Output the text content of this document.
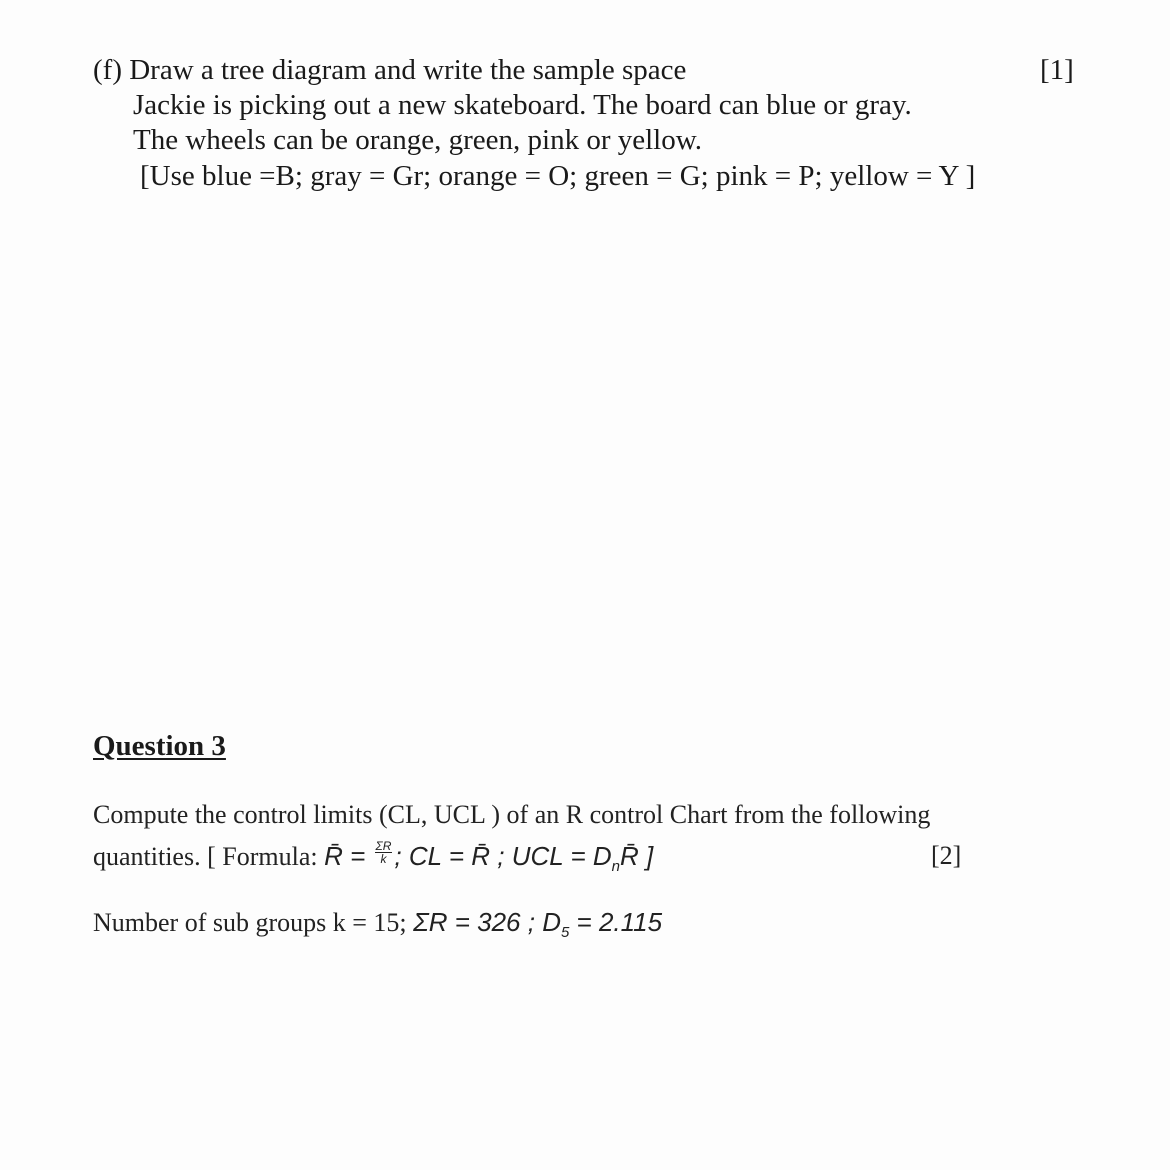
(f) Draw a tree diagram and write the sample space	[1]
Jackie is picking out a new skateboard. The board can blue or gray.
The wheels can be orange, green, pink or yellow.
[Use blue =B; gray = Gr; orange = O; green = G; pink = P; yellow = Y ]
Question 3
Compute the control limits (CL, UCL ) of an R control Chart from the following
quantities. [ Formula: R̄ = $\frac{\Sigma R}{k}$ ; CL = R̄ ; UCL = $D_nR̄$ ]	[2]
Number of sub groups k = 15; ΣR = 326 ; $D_5 = 2.115$
